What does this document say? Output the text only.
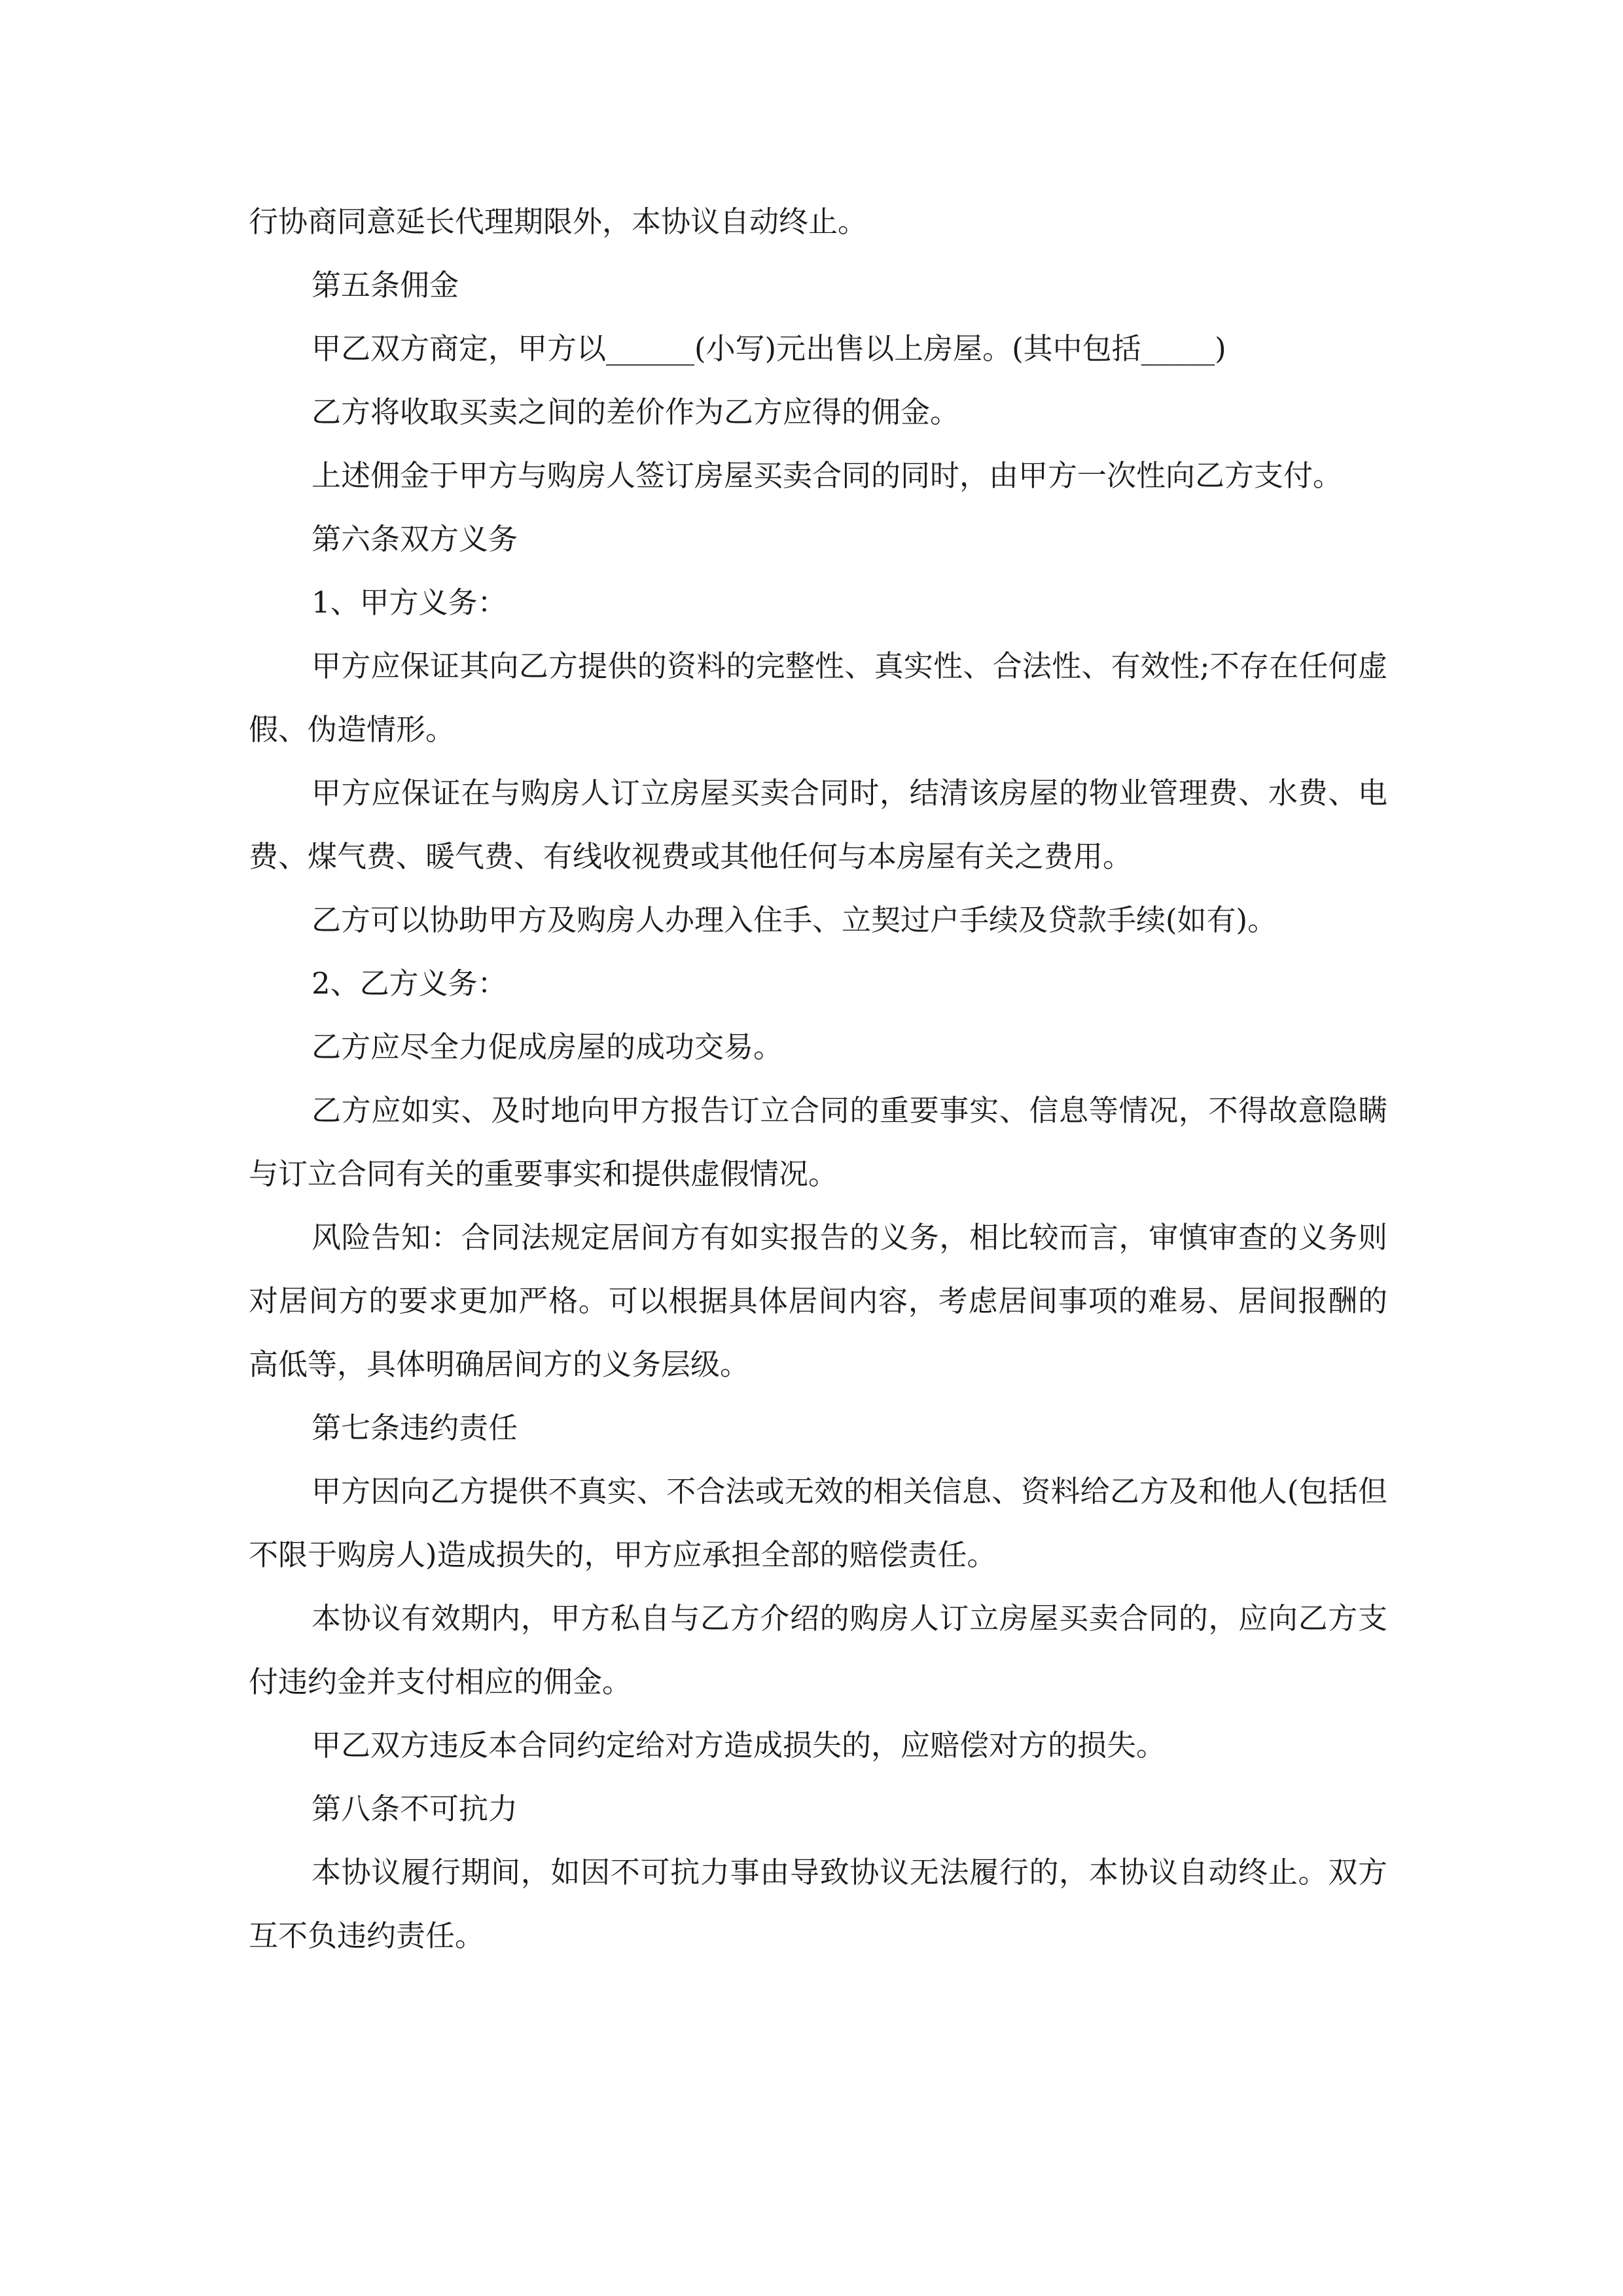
行协商同意延长代理期限外，本协议自动终止。

第五条佣金

甲乙双方商定，甲方以______(小写)元出售以上房屋。(其中包括_____)

乙方将收取买卖之间的差价作为乙方应得的佣金。

上述佣金于甲方与购房人签订房屋买卖合同的同时，由甲方一次性向乙方支付。

第六条双方义务

1、甲方义务：

甲方应保证其向乙方提供的资料的完整性、真实性、合法性、有效性;不存在任何虚假、伪造情形。

甲方应保证在与购房人订立房屋买卖合同时，结清该房屋的物业管理费、水费、电费、煤气费、暖气费、有线收视费或其他任何与本房屋有关之费用。

乙方可以协助甲方及购房人办理入住手、立契过户手续及贷款手续(如有)。

2、乙方义务：

乙方应尽全力促成房屋的成功交易。

乙方应如实、及时地向甲方报告订立合同的重要事实、信息等情况，不得故意隐瞒与订立合同有关的重要事实和提供虚假情况。

风险告知：合同法规定居间方有如实报告的义务，相比较而言，审慎审查的义务则对居间方的要求更加严格。可以根据具体居间内容，考虑居间事项的难易、居间报酬的高低等，具体明确居间方的义务层级。

第七条违约责任

甲方因向乙方提供不真实、不合法或无效的相关信息、资料给乙方及和他人(包括但不限于购房人)造成损失的，甲方应承担全部的赔偿责任。

本协议有效期内，甲方私自与乙方介绍的购房人订立房屋买卖合同的，应向乙方支付违约金并支付相应的佣金。

甲乙双方违反本合同约定给对方造成损失的，应赔偿对方的损失。

第八条不可抗力

本协议履行期间，如因不可抗力事由导致协议无法履行的，本协议自动终止。双方互不负违约责任。
